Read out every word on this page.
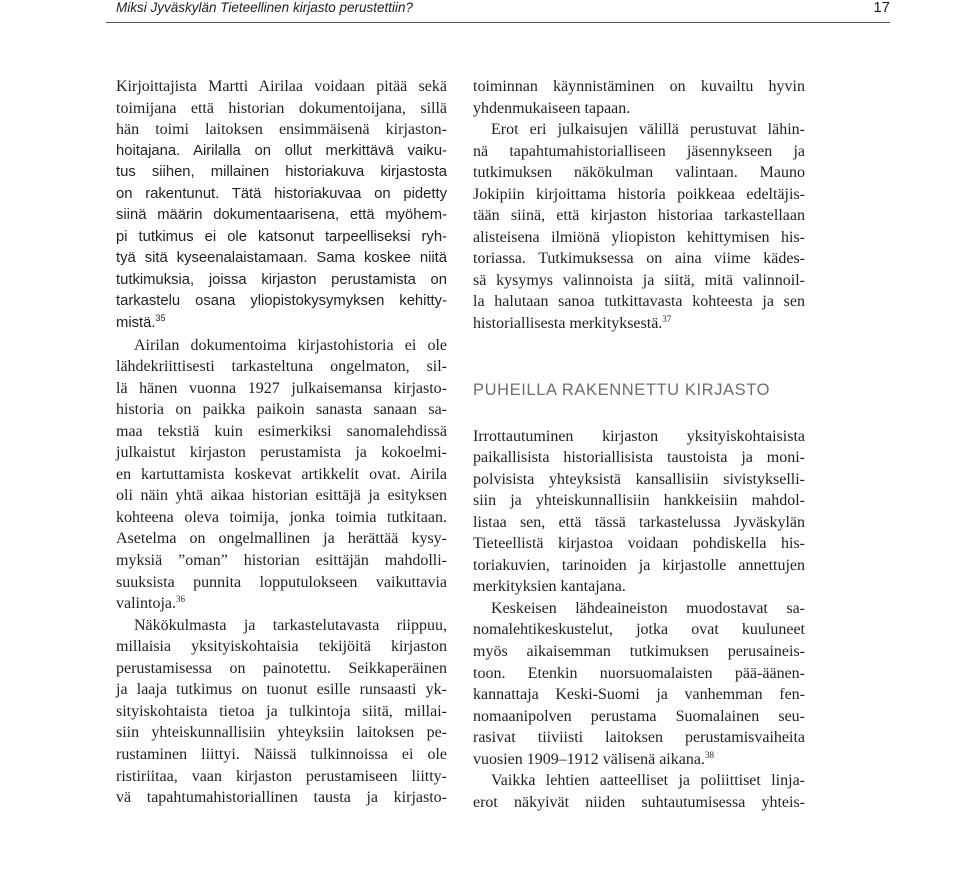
Miksi Jyväskylän Tieteellinen kirjasto perustettiin?	17
Kirjoittajista Martti Airilaa voidaan pitää sekä
toimijana että historian dokumentoijana, sillä
hän toimi laitoksen ensimmäisenä kirjaston-
hoitajana. Airilalla on ollut merkittävä vaiku-
tus siihen, millainen historiakuva kirjastosta
on rakentunut. Tätä historiakuvaa on pidetty
siinä määrin dokumentaarisena, että myöhem-
pi tutkimus ei ole katsonut tarpeelliseksi ryh-
tyä sitä kyseenalaistamaan. Sama koskee niitä
tutkimuksia, joissa kirjaston perustamista on
tarkastelu osana yliopistokysymyksen kehitty-
mistä.$^{35}$
Airilan dokumentoima kirjastohistoria ei ole
lähdekriittisesti tarkasteltuna ongelmaton, sil-
lä hänen vuonna 1927 julkaisemansa kirjasto-
historia on paikka paikoin sanasta sanaan sa-
maa tekstiä kuin esimerkiksi sanomalehdissä
julkaistut kirjaston perustamista ja kokoelmi-
en kartuttamista koskevat artikkelit ovat. Airila
oli näin yhtä aikaa historian esittäjä ja esityksen
kohteena oleva toimija, jonka toimia tutkitaan.
Asetelma on ongelmallinen ja herättää kysy-
myksiä ”oman” historian esittäjän mahdolli-
suuksista punnita lopputulokseen vaikuttavia
valintoja.$^{36}$
Näkökulmasta ja tarkastelutavasta riippuu,
millaisia yksityiskohtaisia tekijöitä kirjaston
perustamisessa on painotettu. Seikkaperäinen
ja laaja tutkimus on tuonut esille runsaasti yk-
sityiskohtaista tietoa ja tulkintoja siitä, millai-
siin yhteiskunnallisiin yhteyksiin laitoksen pe-
rustaminen liittyi. Näissä tulkinnoissa ei ole
ristiriitaa, vaan kirjaston perustamiseen liitty-
vä tapahtumahistoriallinen tausta ja kirjasto-
toiminnan käynnistäminen on kuvailtu hyvin
yhdenmukaiseen tapaan.
Erot eri julkaisujen välillä perustuvat lähin-
nä tapahtumahistorialliseen jäsennykseen ja
tutkimuksen näkökulman valintaan. Mauno
Jokipiin kirjoittama historia poikkeaa edeltäjis-
tään siinä, että kirjaston historiaa tarkastellaan
alisteisena ilmiönä yliopiston kehittymisen his-
toriassa. Tutkimuksessa on aina viime kädes-
sä kysymys valinnoista ja siitä, mitä valinnoil-
la halutaan sanoa tutkittavasta kohteesta ja sen
historiallisesta merkityksestä.$^{37}$
PUHEILLA RAKENNETTU KIRJASTO
Irrottautuminen kirjaston yksityiskohtaisista
paikallisista historiallisista taustoista ja moni-
polvisista yhteyksistä kansallisiin sivistykselli-
siin ja yhteiskunnallisiin hankkeisiin mahdol-
listaa sen, että tässä tarkastelussa Jyväskylän
Tieteellistä kirjastoa voidaan pohdiskella his-
toriakuvien, tarinoiden ja kirjastolle annettujen
merkityksien kantajana.
Keskeisen lähdeaineiston muodostavat sa-
nomalehtikeskustelut, jotka ovat kuuluneet
myös aikaisemman tutkimuksen perusaineis-
toon. Etenkin nuorsuomalaisten pää-äänen-
kannattaja Keski-Suomi ja vanhemman fen-
nomaanipolven perustama Suomalainen seu-
rasivat tiiviisti laitoksen perustamisvaiheita
vuosien 1909–1912 välisenä aikana.$^{38}$
Vaikka lehtien aatteelliset ja poliittiset linja-
erot näkyivät niiden suhtautumisessa yhteis-
